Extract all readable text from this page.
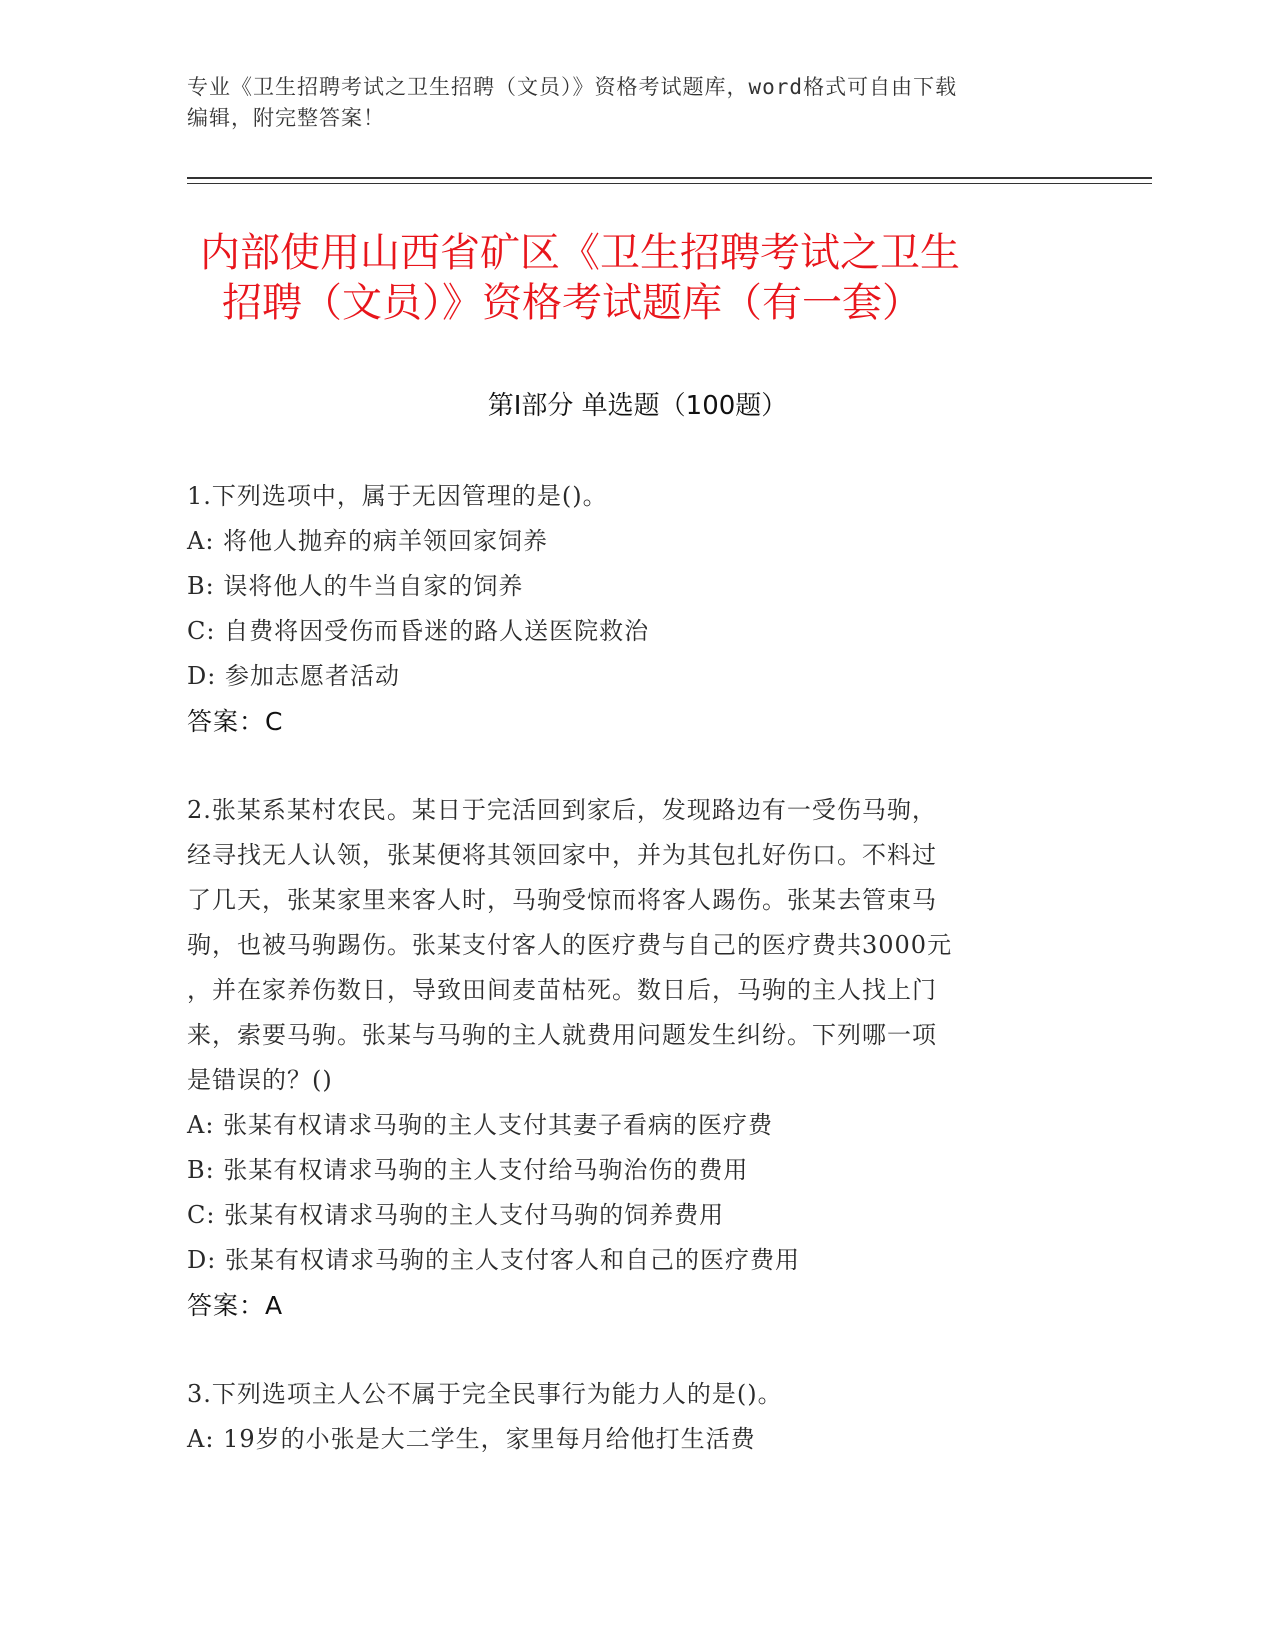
专业《卫生招聘考试之卫生招聘（文员）》资格考试题库，word格式可自由下载
编辑，附完整答案！
内部使用山西省矿区《卫生招聘考试之卫生
招聘（文员）》资格考试题库（有一套）
第Ⅰ部分 单选题（100题）
1.下列选项中，属于无因管理的是()。
A: 将他人抛弃的病羊领回家饲养
B: 误将他人的牛当自家的饲养
C: 自费将因受伤而昏迷的路人送医院救治
D: 参加志愿者活动
答案：C
2.张某系某村农民。某日于完活回到家后，发现路边有一受伤马驹，
经寻找无人认领，张某便将其领回家中，并为其包扎好伤口。不料过
了几天，张某家里来客人时，马驹受惊而将客人踢伤。张某去管束马
驹，也被马驹踢伤。张某支付客人的医疗费与自己的医疗费共3000元
，并在家养伤数日，导致田间麦苗枯死。数日后，马驹的主人找上门
来，索要马驹。张某与马驹的主人就费用问题发生纠纷。下列哪一项
是错误的？()
A: 张某有权请求马驹的主人支付其妻子看病的医疗费
B: 张某有权请求马驹的主人支付给马驹治伤的费用
C: 张某有权请求马驹的主人支付马驹的饲养费用
D: 张某有权请求马驹的主人支付客人和自己的医疗费用
答案：A
3.下列选项主人公不属于完全民事行为能力人的是()。
A: 19岁的小张是大二学生，家里每月给他打生活费
